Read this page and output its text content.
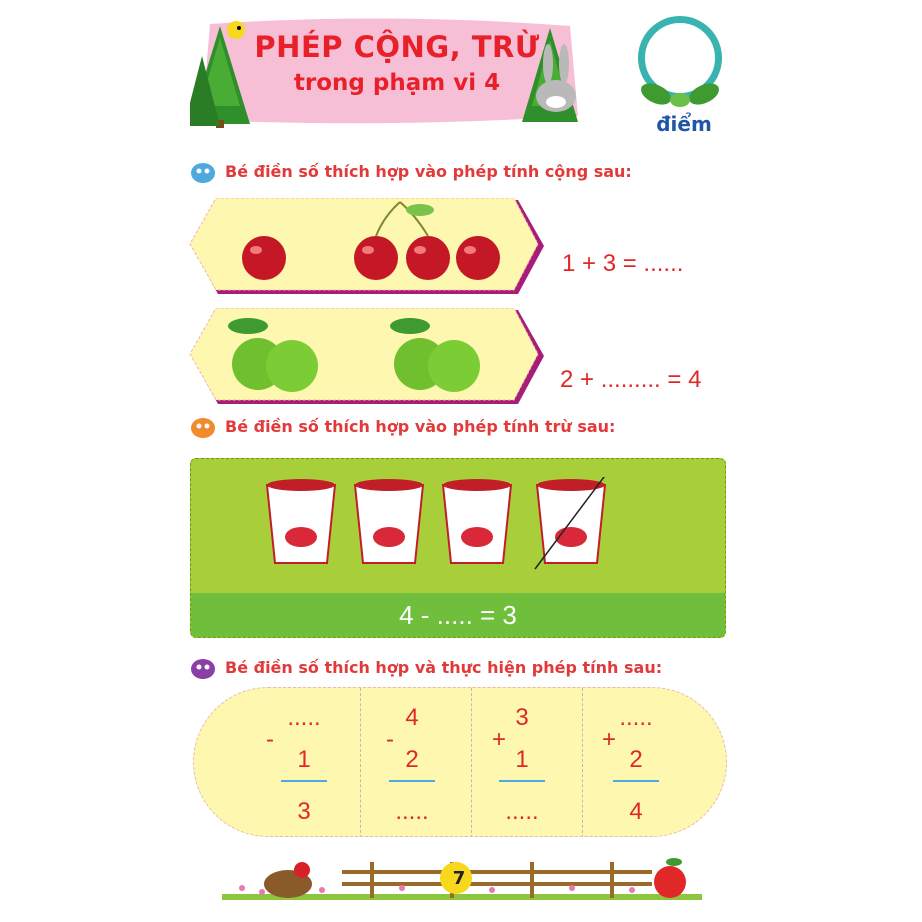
PHÉP CỘNG, TRỪ
trong phạm vi 4
điểm
Bé điền số thích hợp vào phép tính cộng sau:
1 + 3 = ......
2 + ......... = 4
Bé điền số thích hợp vào phép tính trừ sau:
4 - ..... = 3
Bé điền số thích hợp và thực hiện phép tính sau:
.....
-
1
3
4
-
2
.....
3
+
1
.....
.....
+
2
4
7
